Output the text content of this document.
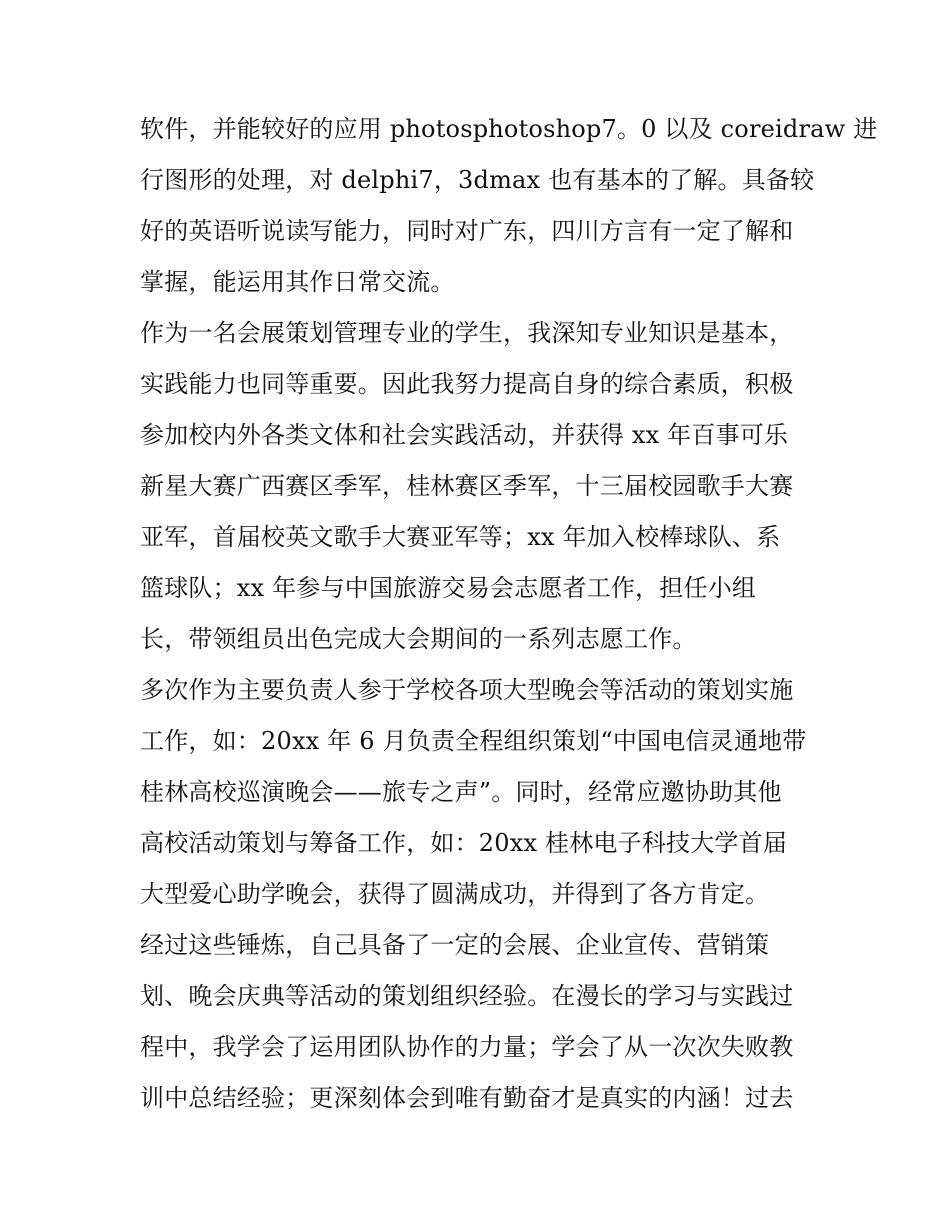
软件，并能较好的应用 photosphotoshop7。0 以及 coreidraw 进
行图形的处理，对 delphi7，3dmax 也有基本的了解。具备较
好的英语听说读写能力，同时对广东，四川方言有一定了解和
掌握，能运用其作日常交流。
作为一名会展策划管理专业的学生，我深知专业知识是基本，
实践能力也同等重要。因此我努力提高自身的综合素质，积极
参加校内外各类文体和社会实践活动，并获得 xx 年百事可乐
新星大赛广西赛区季军，桂林赛区季军，十三届校园歌手大赛
亚军，首届校英文歌手大赛亚军等；xx 年加入校棒球队、系
篮球队；xx 年参与中国旅游交易会志愿者工作，担任小组
长，带领组员出色完成大会期间的一系列志愿工作。
多次作为主要负责人参于学校各项大型晚会等活动的策划实施
工作，如：20xx 年 6 月负责全程组织策划“中国电信灵通地带
桂林高校巡演晚会——旅专之声”。同时，经常应邀协助其他
高校活动策划与筹备工作，如：20xx 桂林电子科技大学首届
大型爱心助学晚会，获得了圆满成功，并得到了各方肯定。
经过这些锤炼，自己具备了一定的会展、企业宣传、营销策
划、晚会庆典等活动的策划组织经验。在漫长的学习与实践过
程中，我学会了运用团队协作的力量；学会了从一次次失败教
训中总结经验；更深刻体会到唯有勤奋才是真实的内涵！过去
